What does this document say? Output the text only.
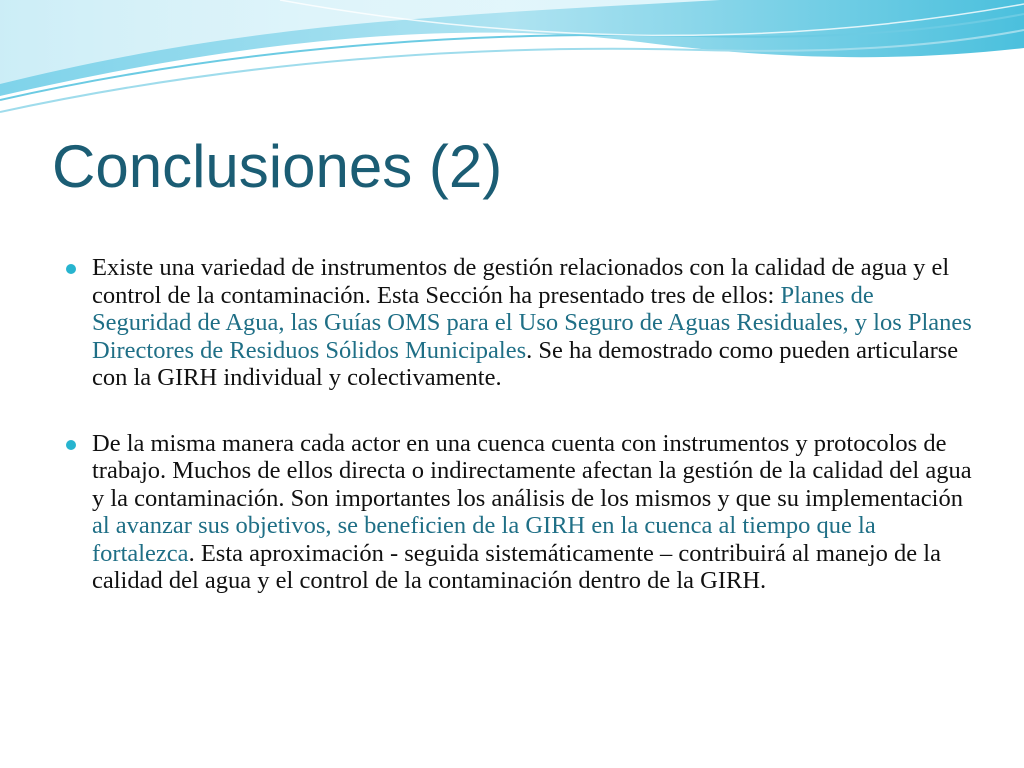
Conclusiones (2)
Existe una variedad de instrumentos de gestión relacionados con la calidad de agua y el control de la contaminación. Esta Sección ha presentado tres de ellos: Planes de Seguridad de Agua, las Guías OMS para el Uso Seguro de Aguas Residuales, y los Planes Directores de Residuos Sólidos Municipales. Se ha demostrado como pueden articularse con la GIRH individual y colectivamente.
De la misma manera cada actor en una cuenca cuenta con instrumentos y protocolos de trabajo. Muchos de ellos directa o indirectamente afectan la gestión de la calidad del agua y la contaminación. Son importantes los análisis de los mismos y que su implementación al avanzar sus objetivos, se beneficien de la GIRH en la cuenca al tiempo que la fortalezca. Esta aproximación - seguida sistemáticamente – contribuirá al manejo de la calidad del agua y el control de la contaminación dentro de la GIRH.
